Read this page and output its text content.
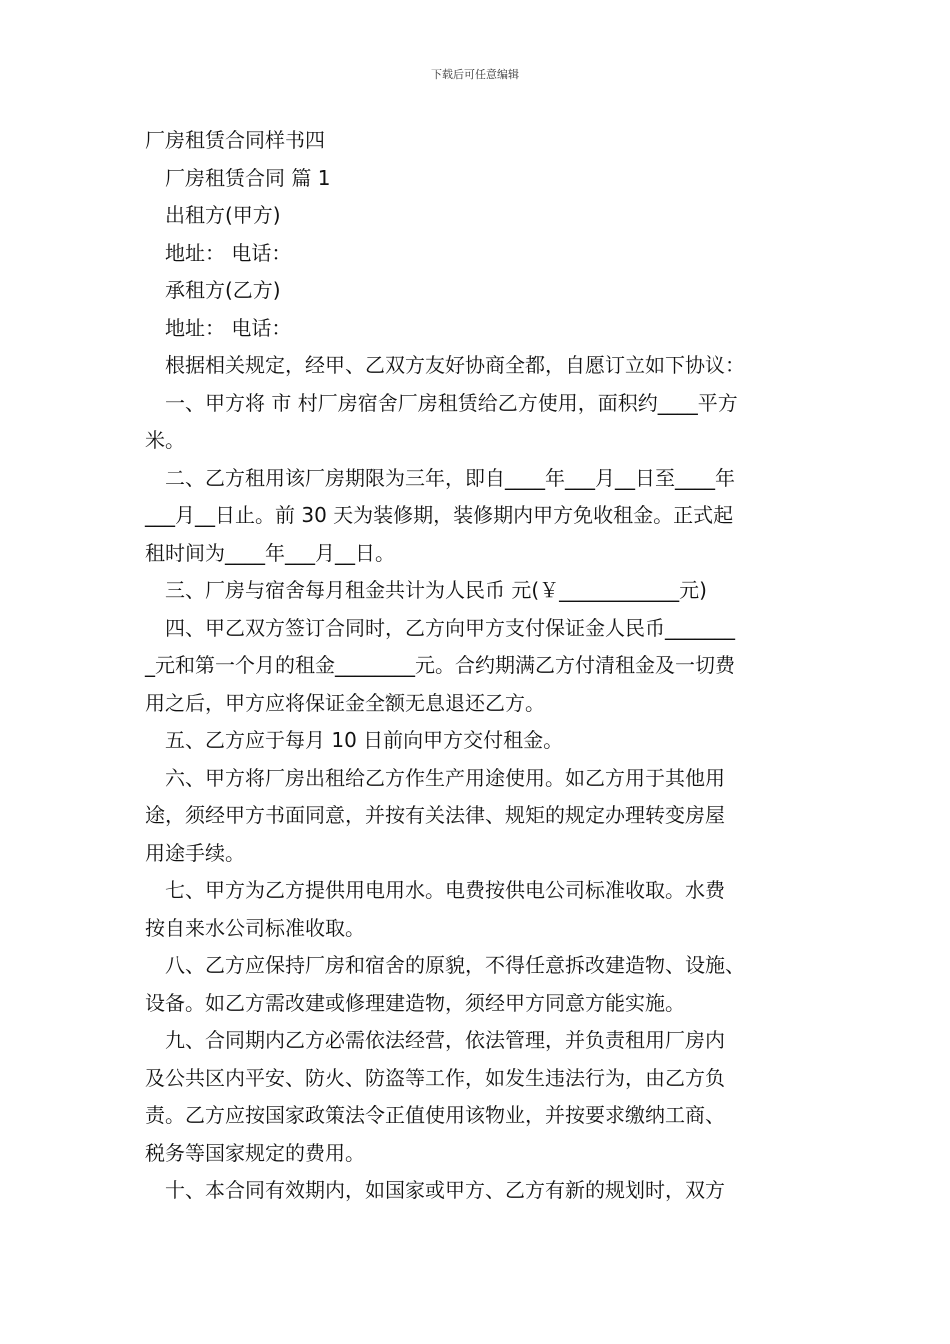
下载后可任意编辑
厂房租赁合同样书四

厂房租赁合同 篇 1

出租方(甲方)

地址： 电话：

承租方(乙方)

地址： 电话：

根据相关规定，经甲、乙双方友好协商全都，自愿订立如下协议：

一、甲方将 市 村厂房宿舍厂房租赁给乙方使用，面积约____平方
米。

二、乙方租用该厂房期限为三年，即自____年___月__日至____年
___月__日止。前 30 天为装修期，装修期内甲方免收租金。正式起
租时间为____年___月__日。

三、厂房与宿舍每月租金共计为人民币 元(￥____________元)

四、甲乙双方签订合同时，乙方向甲方支付保证金人民币_______
_元和第一个月的租金________元。合约期满乙方付清租金及一切费
用之后，甲方应将保证金全额无息退还乙方。

五、乙方应于每月 10 日前向甲方交付租金。

六、甲方将厂房出租给乙方作生产用途使用。如乙方用于其他用
途，须经甲方书面同意，并按有关法律、规矩的规定办理转变房屋
用途手续。

七、甲方为乙方提供用电用水。电费按供电公司标准收取。水费
按自来水公司标准收取。

八、乙方应保持厂房和宿舍的原貌，不得任意拆改建造物、设施、
设备。如乙方需改建或修理建造物，须经甲方同意方能实施。

九、合同期内乙方必需依法经营，依法管理，并负责租用厂房内
及公共区内平安、防火、防盗等工作，如发生违法行为，由乙方负
责。乙方应按国家政策法令正值使用该物业，并按要求缴纳工商、
税务等国家规定的费用。

十、本合同有效期内，如国家或甲方、乙方有新的规划时，双方
